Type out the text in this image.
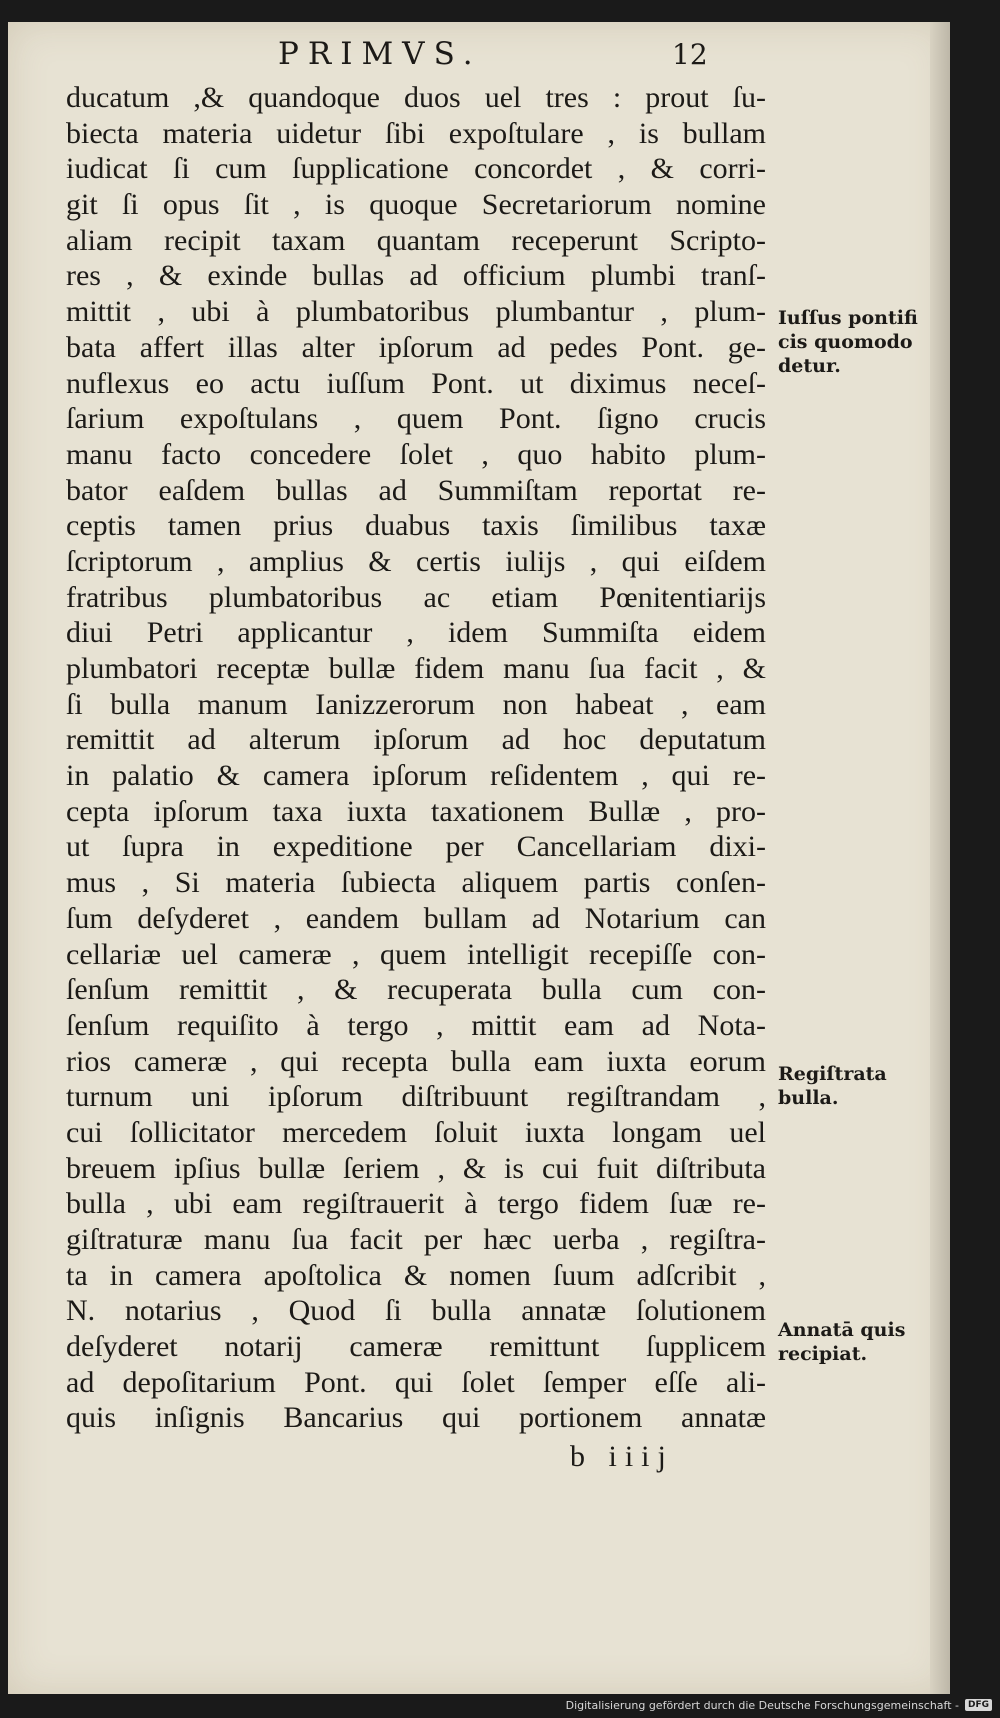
PRIMVS.	12
ducatum ,& quandoque duos uel tres : prout ſu-
bieᴄta materia uidetur ſibi expoſtulare , is bullam
iudicat ſi cum ſupplicatione concordet , & corri-
git ſi opus ſit , is quoque Secretariorum nomine
aliam recipit taxam quantam receperunt Scripto-
res , & exinde bullas ad officium plumbi tranſ-
mittit , ubi à plumbatoribus plumbantur , plum-
bata affert illas alter ipſorum ad pedes Pont. ge-
nuflexus eo actu iuſſum Pont. ut diximus neceſ-
ſarium expoſtulans , quem Pont. ſigno crucis
manu facto concedere ſolet , quo habito plum-
bator eaſdem bullas ad Summiſtam reportat re-
ceptis tamen prius duabus taxis ſimilibus taxæ
ſcriptorum , amplius & certis iulijs , qui eiſdem
fratribus plumbatoribus ac etiam Pœnitentiarijs
diui Petri applicantur , idem Summiſta eidem
plumbatori receptæ bullæ fidem manu ſua facit , &
ſi bulla manum Ianizzerorum non habeat , eam
remittit ad alterum ipſorum ad hoc deputatum
in palatio & camera ipſorum reſidentem , qui re-
cepta ipſorum taxa iuxta taxationem Bullæ , pro-
ut ſupra in expeditione per Cancellariam dixi-
mus , Si materia ſubiecta aliquem partis conſen-
ſum deſyderet , eandem bullam ad Notarium can
cellariæ uel cameræ , quem intelligit recepiſſe con-
ſenſum remittit , & recuperata bulla cum con-
ſenſum requiſito à tergo , mittit eam ad Nota-
rios cameræ , qui recepta bulla eam iuxta eorum
turnum uni ipſorum diſtribuunt regiſtrandam ,
cui ſollicitator mercedem ſoluit iuxta longam uel
breuem ipſius bullæ ſeriem , & is cui fuit diſtributa
bulla , ubi eam regiſtrauerit à tergo fidem ſuæ re-
giſtraturæ manu ſua facit per hæc uerba , regiſtra-
ta in camera apoſtolica & nomen ſuum adſcribit ,
N. notarius , Quod ſi bulla annatæ ſolutionem
deſyderet notarij cameræ remittunt ſupplicem
ad depoſitarium Pont. qui ſolet ſemper eſſe ali-
quis inſignis Bancarius qui portionem annatæ
b iiij
Iuſſus pontifi
cis quomodo
detur.
Regiſtrata
bulla.
Annatā quis
recipiat.
Digitalisierung gefördert durch die Deutsche Forschungsgemeinschaft -	DFG
